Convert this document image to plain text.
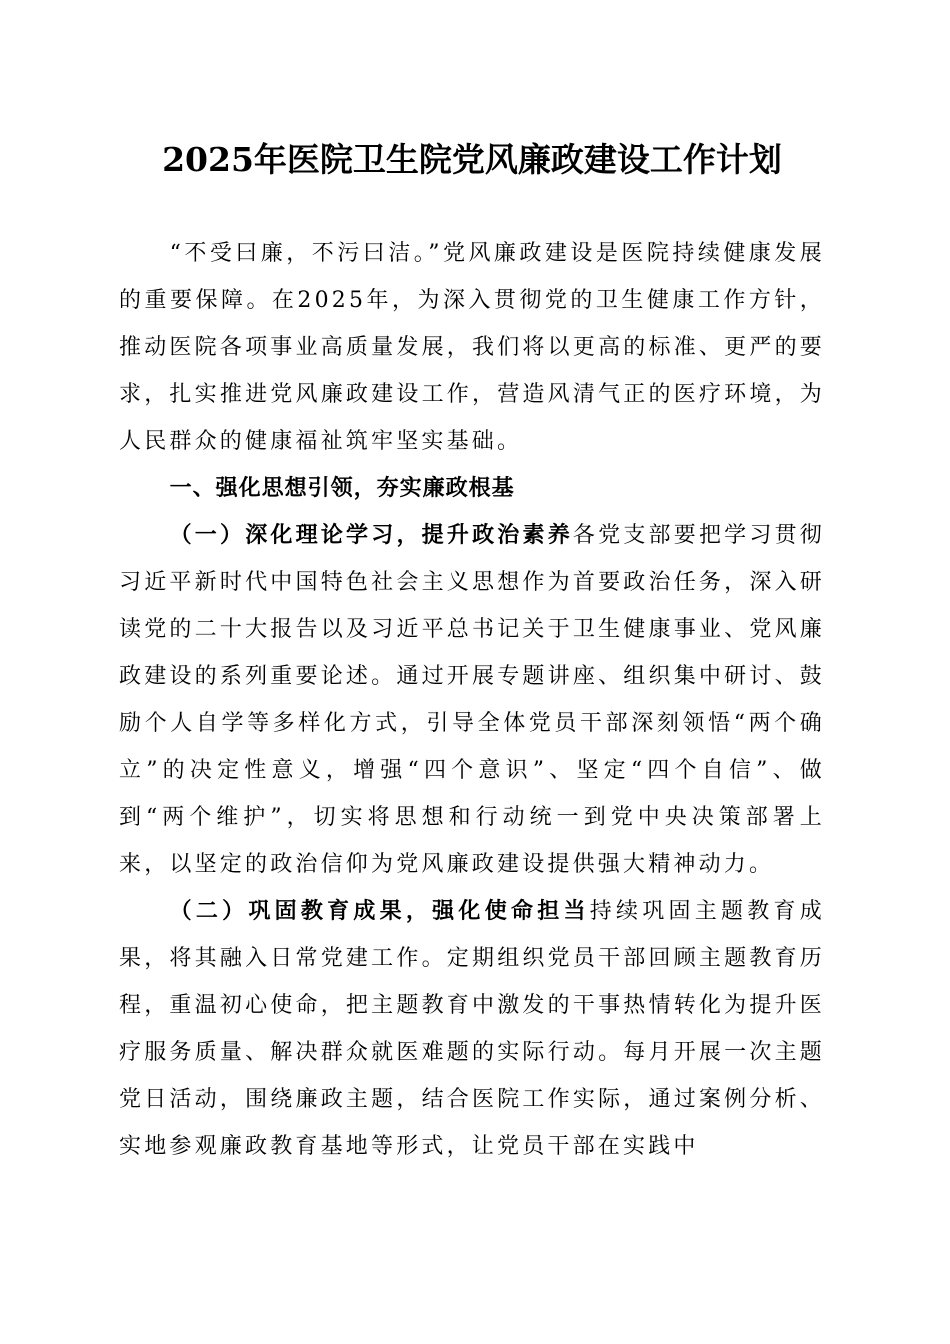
2025年医院卫生院党风廉政建设工作计划

“不受曰廉，不污曰洁。”党风廉政建设是医院持续健康发展的重要保障。在2025年，为深入贯彻党的卫生健康工作方针，推动医院各项事业高质量发展，我们将以更高的标准、更严的要求，扎实推进党风廉政建设工作，营造风清气正的医疗环境，为人民群众的健康福祉筑牢坚实基础。

一、强化思想引领，夯实廉政根基

（一）深化理论学习，提升政治素养各党支部要把学习贯彻习近平新时代中国特色社会主义思想作为首要政治任务，深入研读党的二十大报告以及习近平总书记关于卫生健康事业、党风廉政建设的系列重要论述。通过开展专题讲座、组织集中研讨、鼓励个人自学等多样化方式，引导全体党员干部深刻领悟“两个确立”的决定性意义，增强“四个意识”、坚定“四个自信”、做到“两个维护”，切实将思想和行动统一到党中央决策部署上来，以坚定的政治信仰为党风廉政建设提供强大精神动力。

（二）巩固教育成果，强化使命担当持续巩固主题教育成果，将其融入日常党建工作。定期组织党员干部回顾主题教育历程，重温初心使命，把主题教育中激发的干事热情转化为提升医疗服务质量、解决群众就医难题的实际行动。每月开展一次主题党日活动，围绕廉政主题，结合医院工作实际，通过案例分析、实地参观廉政教育基地等形式，让党员干部在实践中
